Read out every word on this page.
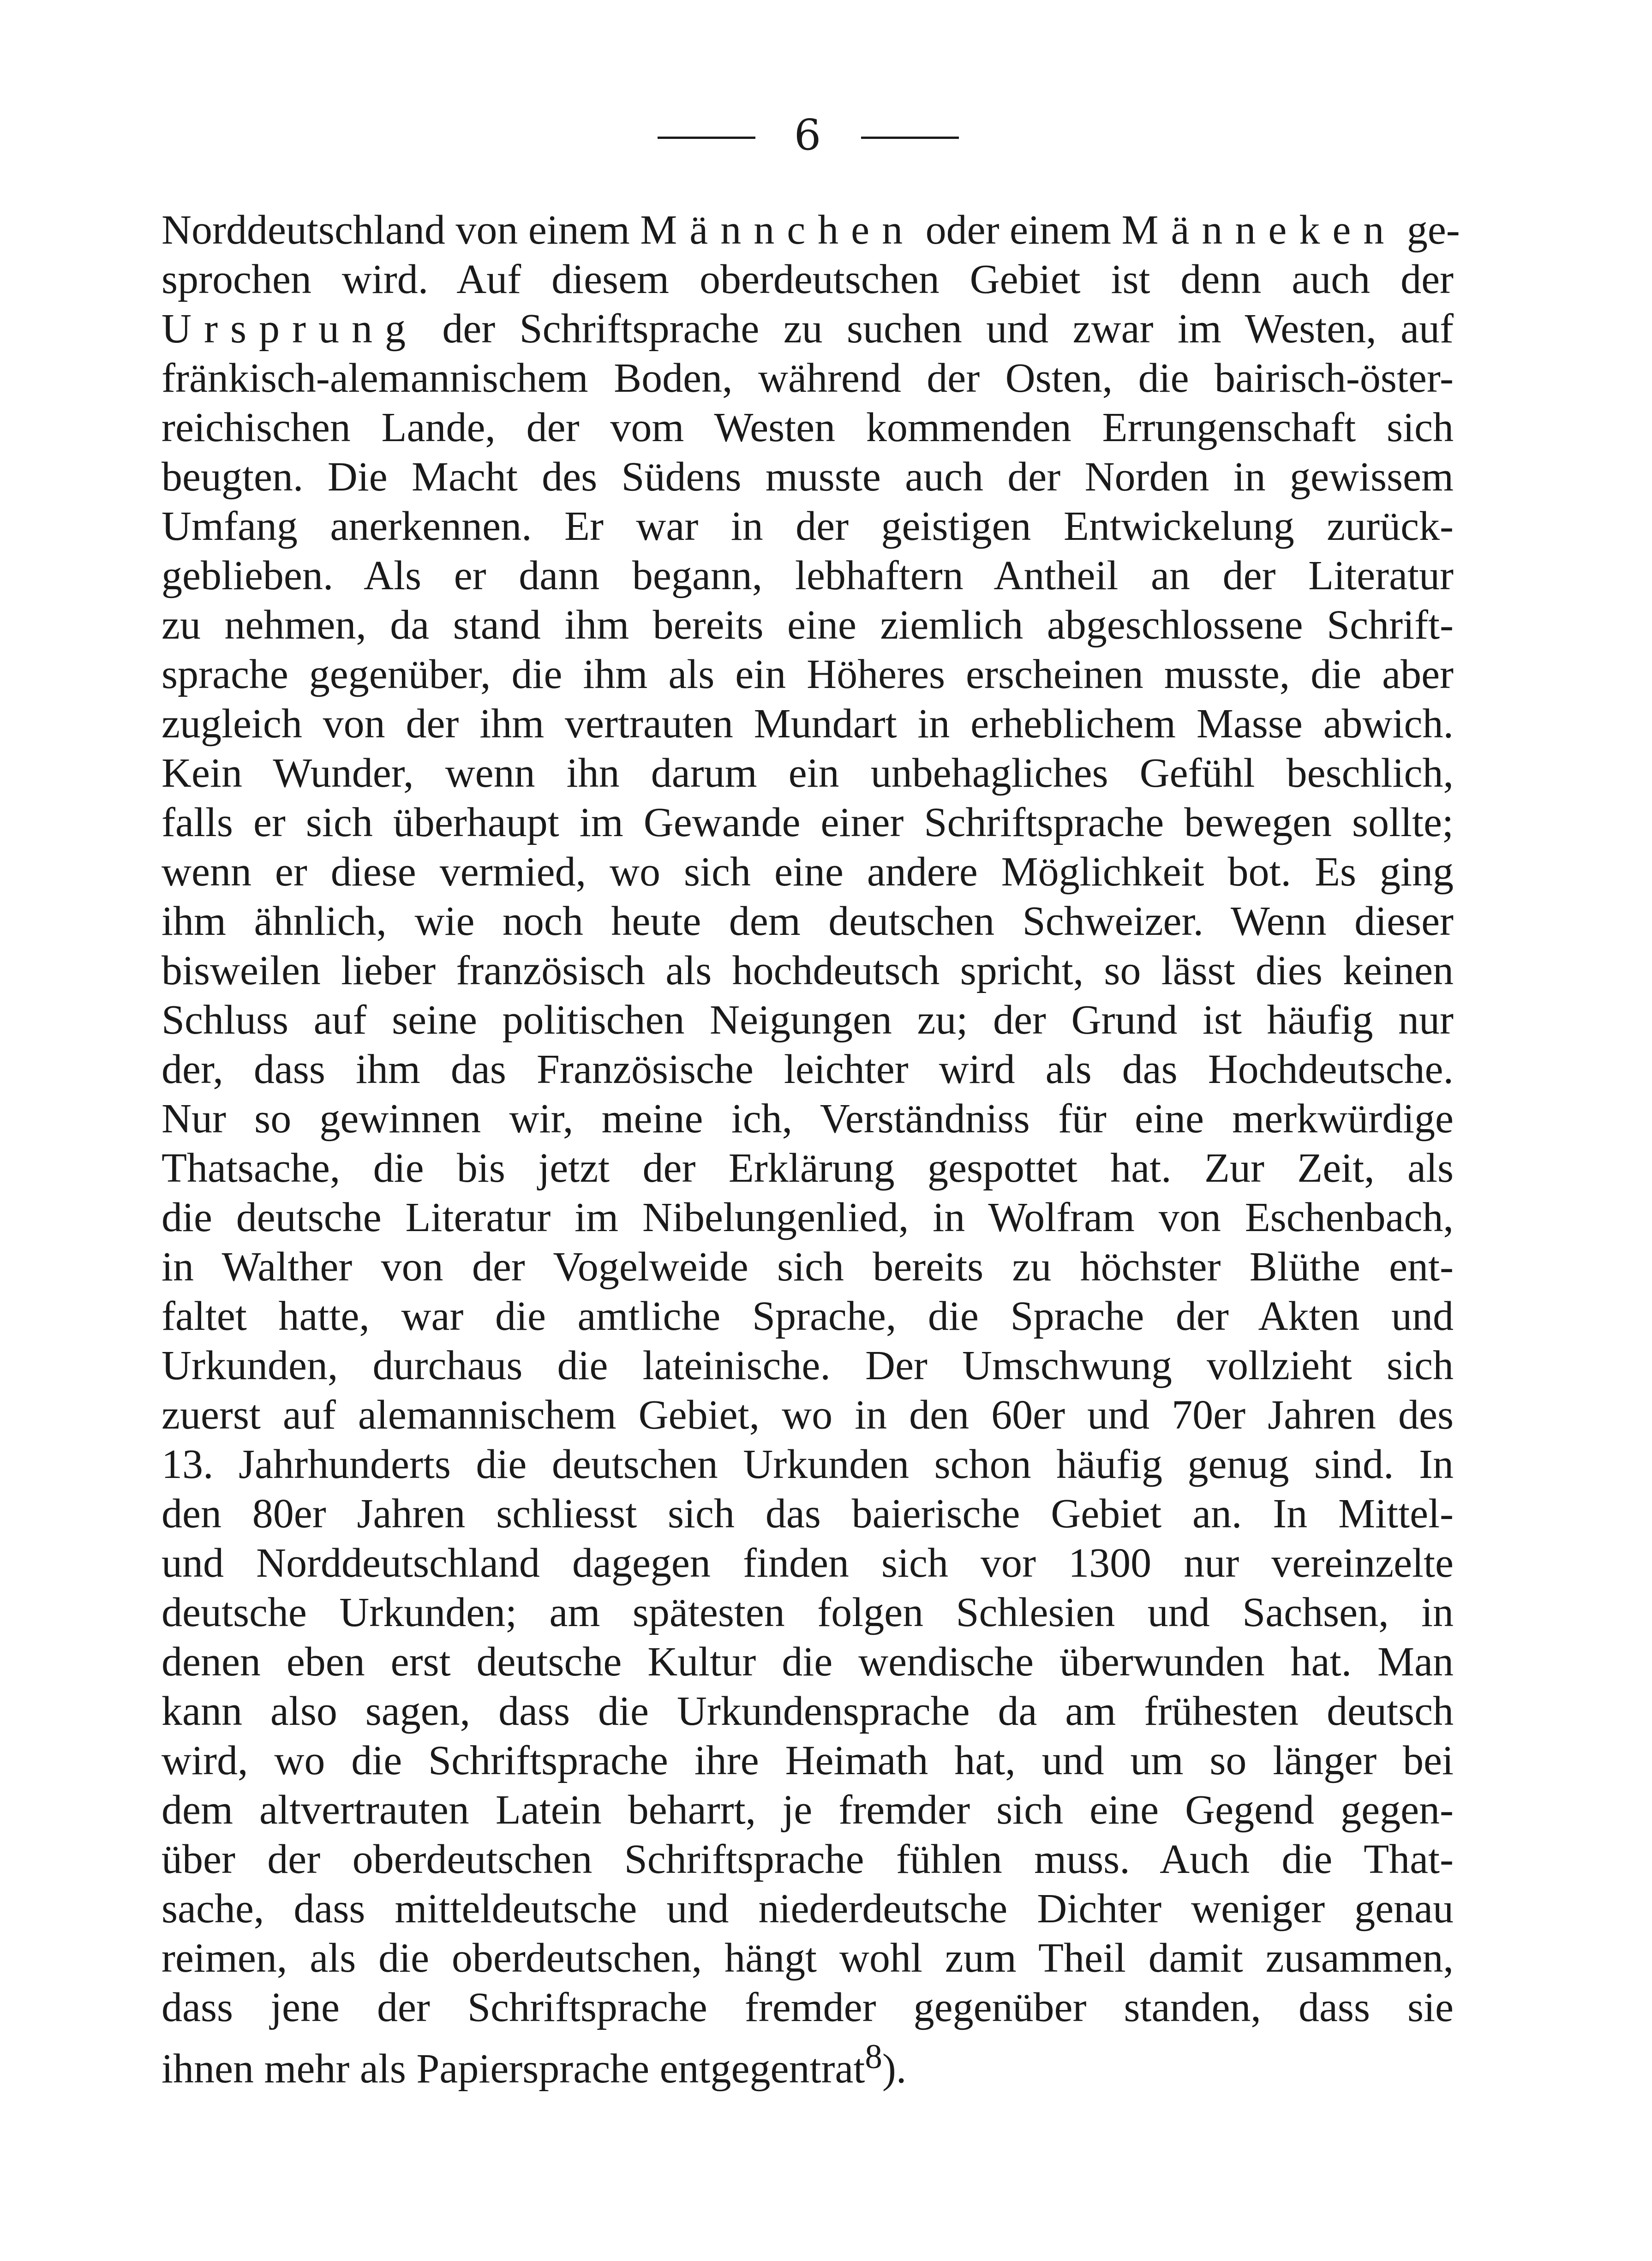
6
Norddeutschland von einem Männchen oder einem Männeken ge-
sprochen wird. Auf diesem oberdeutschen Gebiet ist denn auch der
Ursprung der Schriftsprache zu suchen und zwar im Westen, auf
fränkisch-alemannischem Boden, während der Osten, die bairisch-öster-
reichischen Lande, der vom Westen kommenden Errungenschaft sich
beugten. Die Macht des Südens musste auch der Norden in gewissem
Umfang anerkennen. Er war in der geistigen Entwickelung zurück-
geblieben. Als er dann begann, lebhaftern Antheil an der Literatur
zu nehmen, da stand ihm bereits eine ziemlich abgeschlossene Schrift-
sprache gegenüber, die ihm als ein Höheres erscheinen musste, die aber
zugleich von der ihm vertrauten Mundart in erheblichem Masse abwich.
Kein Wunder, wenn ihn darum ein unbehagliches Gefühl beschlich,
falls er sich überhaupt im Gewande einer Schriftsprache bewegen sollte;
wenn er diese vermied, wo sich eine andere Möglichkeit bot. Es ging
ihm ähnlich, wie noch heute dem deutschen Schweizer. Wenn dieser
bisweilen lieber französisch als hochdeutsch spricht, so lässt dies keinen
Schluss auf seine politischen Neigungen zu; der Grund ist häufig nur
der, dass ihm das Französische leichter wird als das Hochdeutsche.
Nur so gewinnen wir, meine ich, Verständniss für eine merkwürdige
Thatsache, die bis jetzt der Erklärung gespottet hat. Zur Zeit, als
die deutsche Literatur im Nibelungenlied, in Wolfram von Eschenbach,
in Walther von der Vogelweide sich bereits zu höchster Blüthe ent-
faltet hatte, war die amtliche Sprache, die Sprache der Akten und
Urkunden, durchaus die lateinische. Der Umschwung vollzieht sich
zuerst auf alemannischem Gebiet, wo in den 60er und 70er Jahren des
13. Jahrhunderts die deutschen Urkunden schon häufig genug sind. In
den 80er Jahren schliesst sich das baierische Gebiet an. In Mittel-
und Norddeutschland dagegen finden sich vor 1300 nur vereinzelte
deutsche Urkunden; am spätesten folgen Schlesien und Sachsen, in
denen eben erst deutsche Kultur die wendische überwunden hat. Man
kann also sagen, dass die Urkundensprache da am frühesten deutsch
wird, wo die Schriftsprache ihre Heimath hat, und um so länger bei
dem altvertrauten Latein beharrt, je fremder sich eine Gegend gegen-
über der oberdeutschen Schriftsprache fühlen muss. Auch die That-
sache, dass mitteldeutsche und niederdeutsche Dichter weniger genau
reimen, als die oberdeutschen, hängt wohl zum Theil damit zusammen,
dass jene der Schriftsprache fremder gegenüber standen, dass sie
ihnen mehr als Papiersprache entgegentrat$^8$).
